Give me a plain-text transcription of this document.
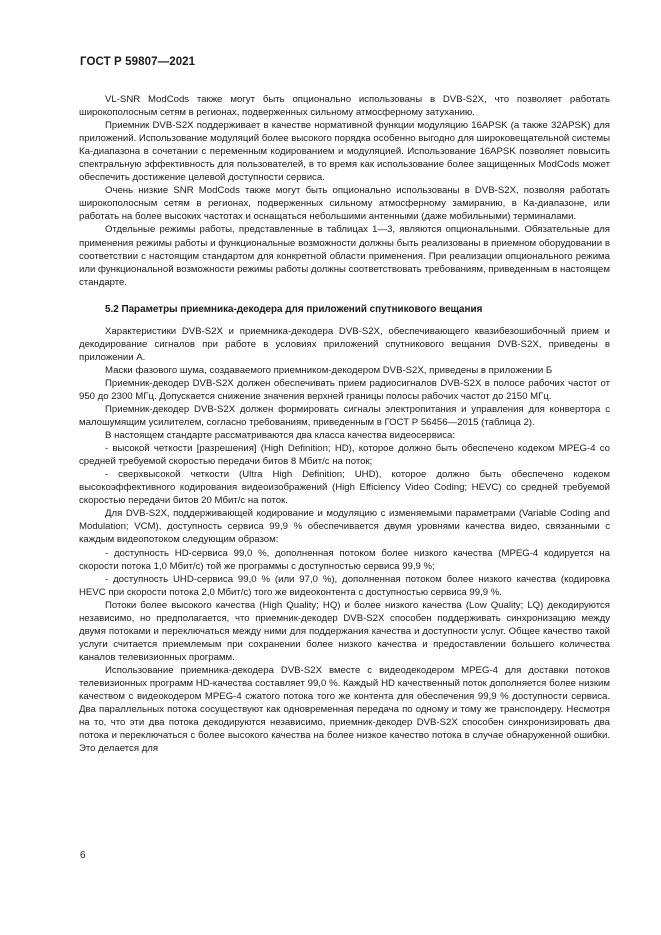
ГОСТ Р 59807—2021

VL-SNR ModCods также могут быть опционально использованы в DVB-S2X, что позволяет работать широкополосным сетям в регионах, подверженных сильному атмосферному затуханию.

Приемник DVB-S2X поддерживает в качестве нормативной функции модуляцию 16APSK (а также 32APSK) для приложений. Использование модуляций более высокого порядка особенно выгодно для широковещательной системы Ка-диапазона в сочетании с переменным кодированием и модуляцией. Использование 16APSK позволяет повысить спектральную эффективность для пользователей, в то время как использование более защищенных ModCods может обеспечить достижение целевой доступности сервиса.

Очень низкие SNR ModCods также могут быть опционально использованы в DVB-S2X, позволяя работать широкополосным сетям в регионах, подверженных сильному атмосферному замиранию, в Ка-диапазоне, или работать на более высоких частотах и оснащаться небольшими антенными (даже мобильными) терминалами.

Отдельные режимы работы, представленные в таблицах 1—3, являются опциональными. Обязательные для применения режимы работы и функциональные возможности должны быть реализованы в приемном оборудовании в соответствии с настоящим стандартом для конкретной области применения. При реализации опционального режима или функциональной возможности режимы работы должны соответствовать требованиям, приведенным в настоящем стандарте.

5.2 Параметры приемника-декодера для приложений спутникового вещания

Характеристики DVB-S2X и приемника-декодера DVB-S2X, обеспечивающего квазибезошибочный прием и декодирование сигналов при работе в условиях приложений спутникового вещания DVB-S2X, приведены в приложении А.

Маски фазового шума, создаваемого приемником-декодером DVB-S2X, приведены в приложении Б

Приемник-декодер DVB-S2X должен обеспечивать прием радиосигналов DVB-S2X в полосе рабочих частот от 950 до 2300 МГц. Допускается снижение значения верхней границы полосы рабочих частот до 2150 МГц.

Приемник-декодер DVB-S2X должен формировать сигналы электропитания и управления для конвертора с малошумящим усилителем, согласно требованиям, приведенным в ГОСТ Р 56456—2015 (таблица 2).

В настоящем стандарте рассматриваются два класса качества видеосервиса:

- высокой четкости [разрешения] (High Definition; HD), которое должно быть обеспечено кодеком MPEG-4 со средней требуемой скоростью передачи битов 8 Мбит/с на поток;

- сверхвысокой четкости (Ultra High Definition; UHD), которое должно быть обеспечено кодеком высокоэффективного кодирования видеоизображений (High Efficiency Video Coding; HEVC) со средней требуемой скоростью передачи битов 20 Мбит/с на поток.

Для DVB-S2X, поддерживающей кодирование и модуляцию с изменяемыми параметрами (Variable Coding and Modulation; VCM), доступность сервиса 99,9 % обеспечивается двумя уровнями качества видео, связанными с каждым видеопотоком следующим образом:

- доступность HD-сервиса 99,0 %, дополненная потоком более низкого качества (MPEG-4 кодируется на скорости потока 1,0 Мбит/с) той же программы с доступностью сервиса 99,9 %;

- доступность UHD-сервиса 99,0 % (или 97,0 %), дополненная потоком более низкого качества (кодировка HEVC при скорости потока 2,0 Мбит/с) того же видеоконтента с доступностью сервиса 99,9 %.

Потоки более высокого качества (High Quality; HQ) и более низкого качества (Low Quality; LQ) декодируются независимо, но предполагается, что приемник-декодер DVB-S2X способен поддерживать синхронизацию между двумя потоками и переключаться между ними для поддержания качества и доступности услуг. Общее качество такой услуги считается приемлемым при сохранении более низкого качества и предоставлении большего количества каналов телевизионных программ.

Использование приемника-декодера DVB-S2X вместе с видеодекодером MPEG-4 для доставки потоков телевизионных программ HD-качества составляет 99,0 %. Каждый HD качественный поток дополняется более низким качеством с видеокодером MPEG-4 сжатого потока того же контента для обеспечения 99,9 % доступности сервиса. Два параллельных потока сосуществуют как одновременная передача по одному и тому же транспондеру. Несмотря на то, что эти два потока декодируются независимо, приемник-декодер DVB-S2X способен синхронизировать два потока и переключаться с более высокого качества на более низкое качество потока в случае обнаруженной ошибки. Это делается для

6
